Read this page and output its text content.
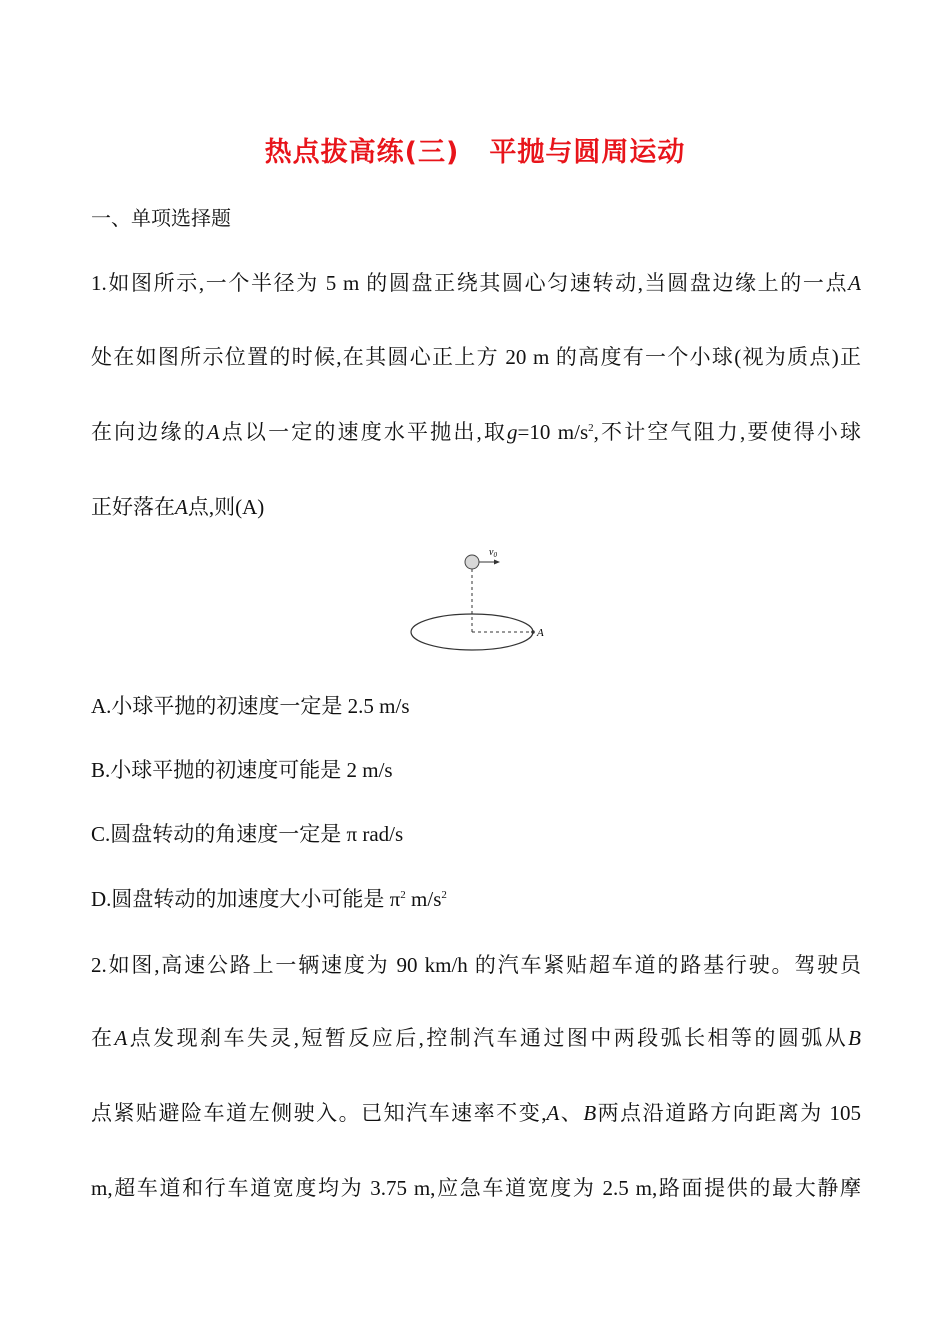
热点拔高练(三) 平抛与圆周运动
一、单项选择题
1.如图所示,一个半径为 5 m 的圆盘正绕其圆心匀速转动,当圆盘边缘上的一点A
处在如图所示位置的时候,在其圆心正上方 20 m 的高度有一个小球(视为质点)正
在向边缘的A点以一定的速度水平抛出,取g=10 $m/s^2$,不计空气阻力,要使得小球
正好落在A点,则(A)
$v_0$
A
A.小球平抛的初速度一定是 2.5 m/s
B.小球平抛的初速度可能是 2 m/s
C.圆盘转动的角速度一定是 π rad/s
D.圆盘转动的加速度大小可能是 $\pi^2$ $m/s^2$
2.如图,高速公路上一辆速度为 90 km/h 的汽车紧贴超车道的路基行驶。驾驶员
在A点发现刹车失灵,短暂反应后,控制汽车通过图中两段弧长相等的圆弧从B
点紧贴避险车道左侧驶入。已知汽车速率不变,A、B两点沿道路方向距离为 105
m,超车道和行车道宽度均为 3.75 m,应急车道宽度为 2.5 m,路面提供的最大静摩
